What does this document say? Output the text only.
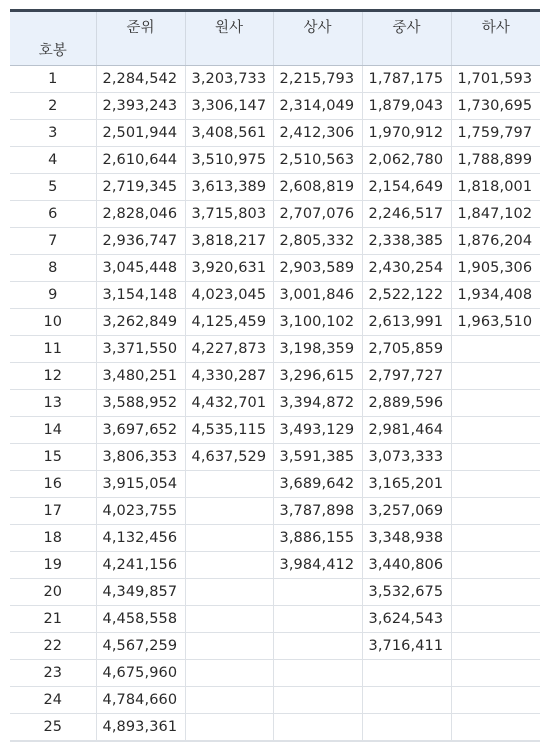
호봉	준위	원사	상사	중사	하사

1	2,284,542	3,203,733	2,215,793	1,787,175	1,701,593
2	2,393,243	3,306,147	2,314,049	1,879,043	1,730,695
3	2,501,944	3,408,561	2,412,306	1,970,912	1,759,797
4	2,610,644	3,510,975	2,510,563	2,062,780	1,788,899
5	2,719,345	3,613,389	2,608,819	2,154,649	1,818,001
6	2,828,046	3,715,803	2,707,076	2,246,517	1,847,102
7	2,936,747	3,818,217	2,805,332	2,338,385	1,876,204
8	3,045,448	3,920,631	2,903,589	2,430,254	1,905,306
9	3,154,148	4,023,045	3,001,846	2,522,122	1,934,408
10	3,262,849	4,125,459	3,100,102	2,613,991	1,963,510
11	3,371,550	4,227,873	3,198,359	2,705,859	
12	3,480,251	4,330,287	3,296,615	2,797,727	
13	3,588,952	4,432,701	3,394,872	2,889,596	
14	3,697,652	4,535,115	3,493,129	2,981,464	
15	3,806,353	4,637,529	3,591,385	3,073,333	
16	3,915,054		3,689,642	3,165,201	
17	4,023,755		3,787,898	3,257,069	
18	4,132,456		3,886,155	3,348,938	
19	4,241,156		3,984,412	3,440,806	
20	4,349,857			3,532,675	
21	4,458,558			3,624,543	
22	4,567,259			3,716,411	
23	4,675,960				
24	4,784,660				
25	4,893,361				
